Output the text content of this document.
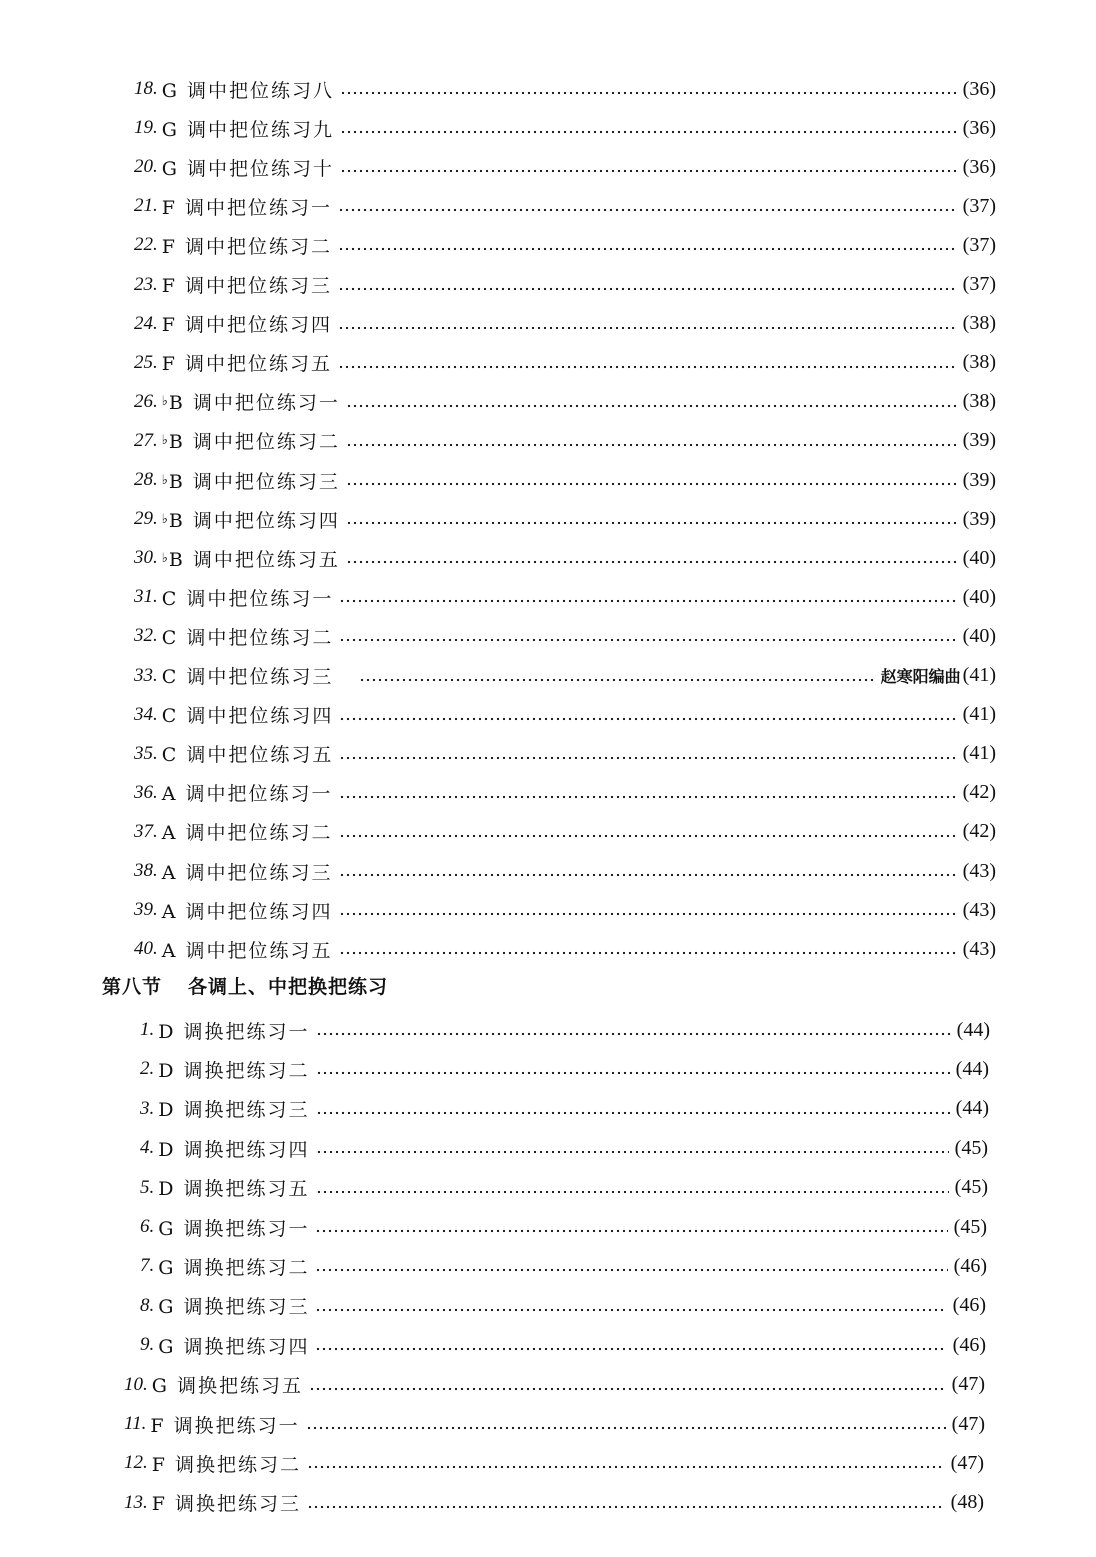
18. G 调中把位练习八	(36)
19. G 调中把位练习九	(36)
20. G 调中把位练习十	(36)
21. F 调中把位练习一	(37)
22. F 调中把位练习二	(37)
23. F 调中把位练习三	(37)
24. F 调中把位练习四	(38)
25. F 调中把位练习五	(38)
26. ♭ B 调中把位练习一	(38)
27. ♭ B 调中把位练习二	(39)
28. ♭ B 调中把位练习三	(39)
29. ♭ B 调中把位练习四	(39)
30. ♭ B 调中把位练习五	(40)
31. C 调中把位练习一	(40)
32. C 调中把位练习二	(40)
33. C 调中把位练习三	赵寒阳编曲 (41)
34. C 调中把位练习四	(41)
35. C 调中把位练习五	(41)
36. A 调中把位练习一	(42)
37. A 调中把位练习二	(42)
38. A 调中把位练习三	(43)
39. A 调中把位练习四	(43)
40. A 调中把位练习五	(43)
第八节 各调上、中把换把练习
1. D 调换把练习一	(44)
2. D 调换把练习二	(44)
3. D 调换把练习三	(44)
4. D 调换把练习四	(45)
5. D 调换把练习五	(45)
6. G 调换把练习一	(45)
7. G 调换把练习二	(46)
8. G 调换把练习三	(46)
9. G 调换把练习四	(46)
10. G 调换把练习五	(47)
11. F 调换把练习一	(47)
12. F 调换把练习二	(47)
13. F 调换把练习三	(48)
